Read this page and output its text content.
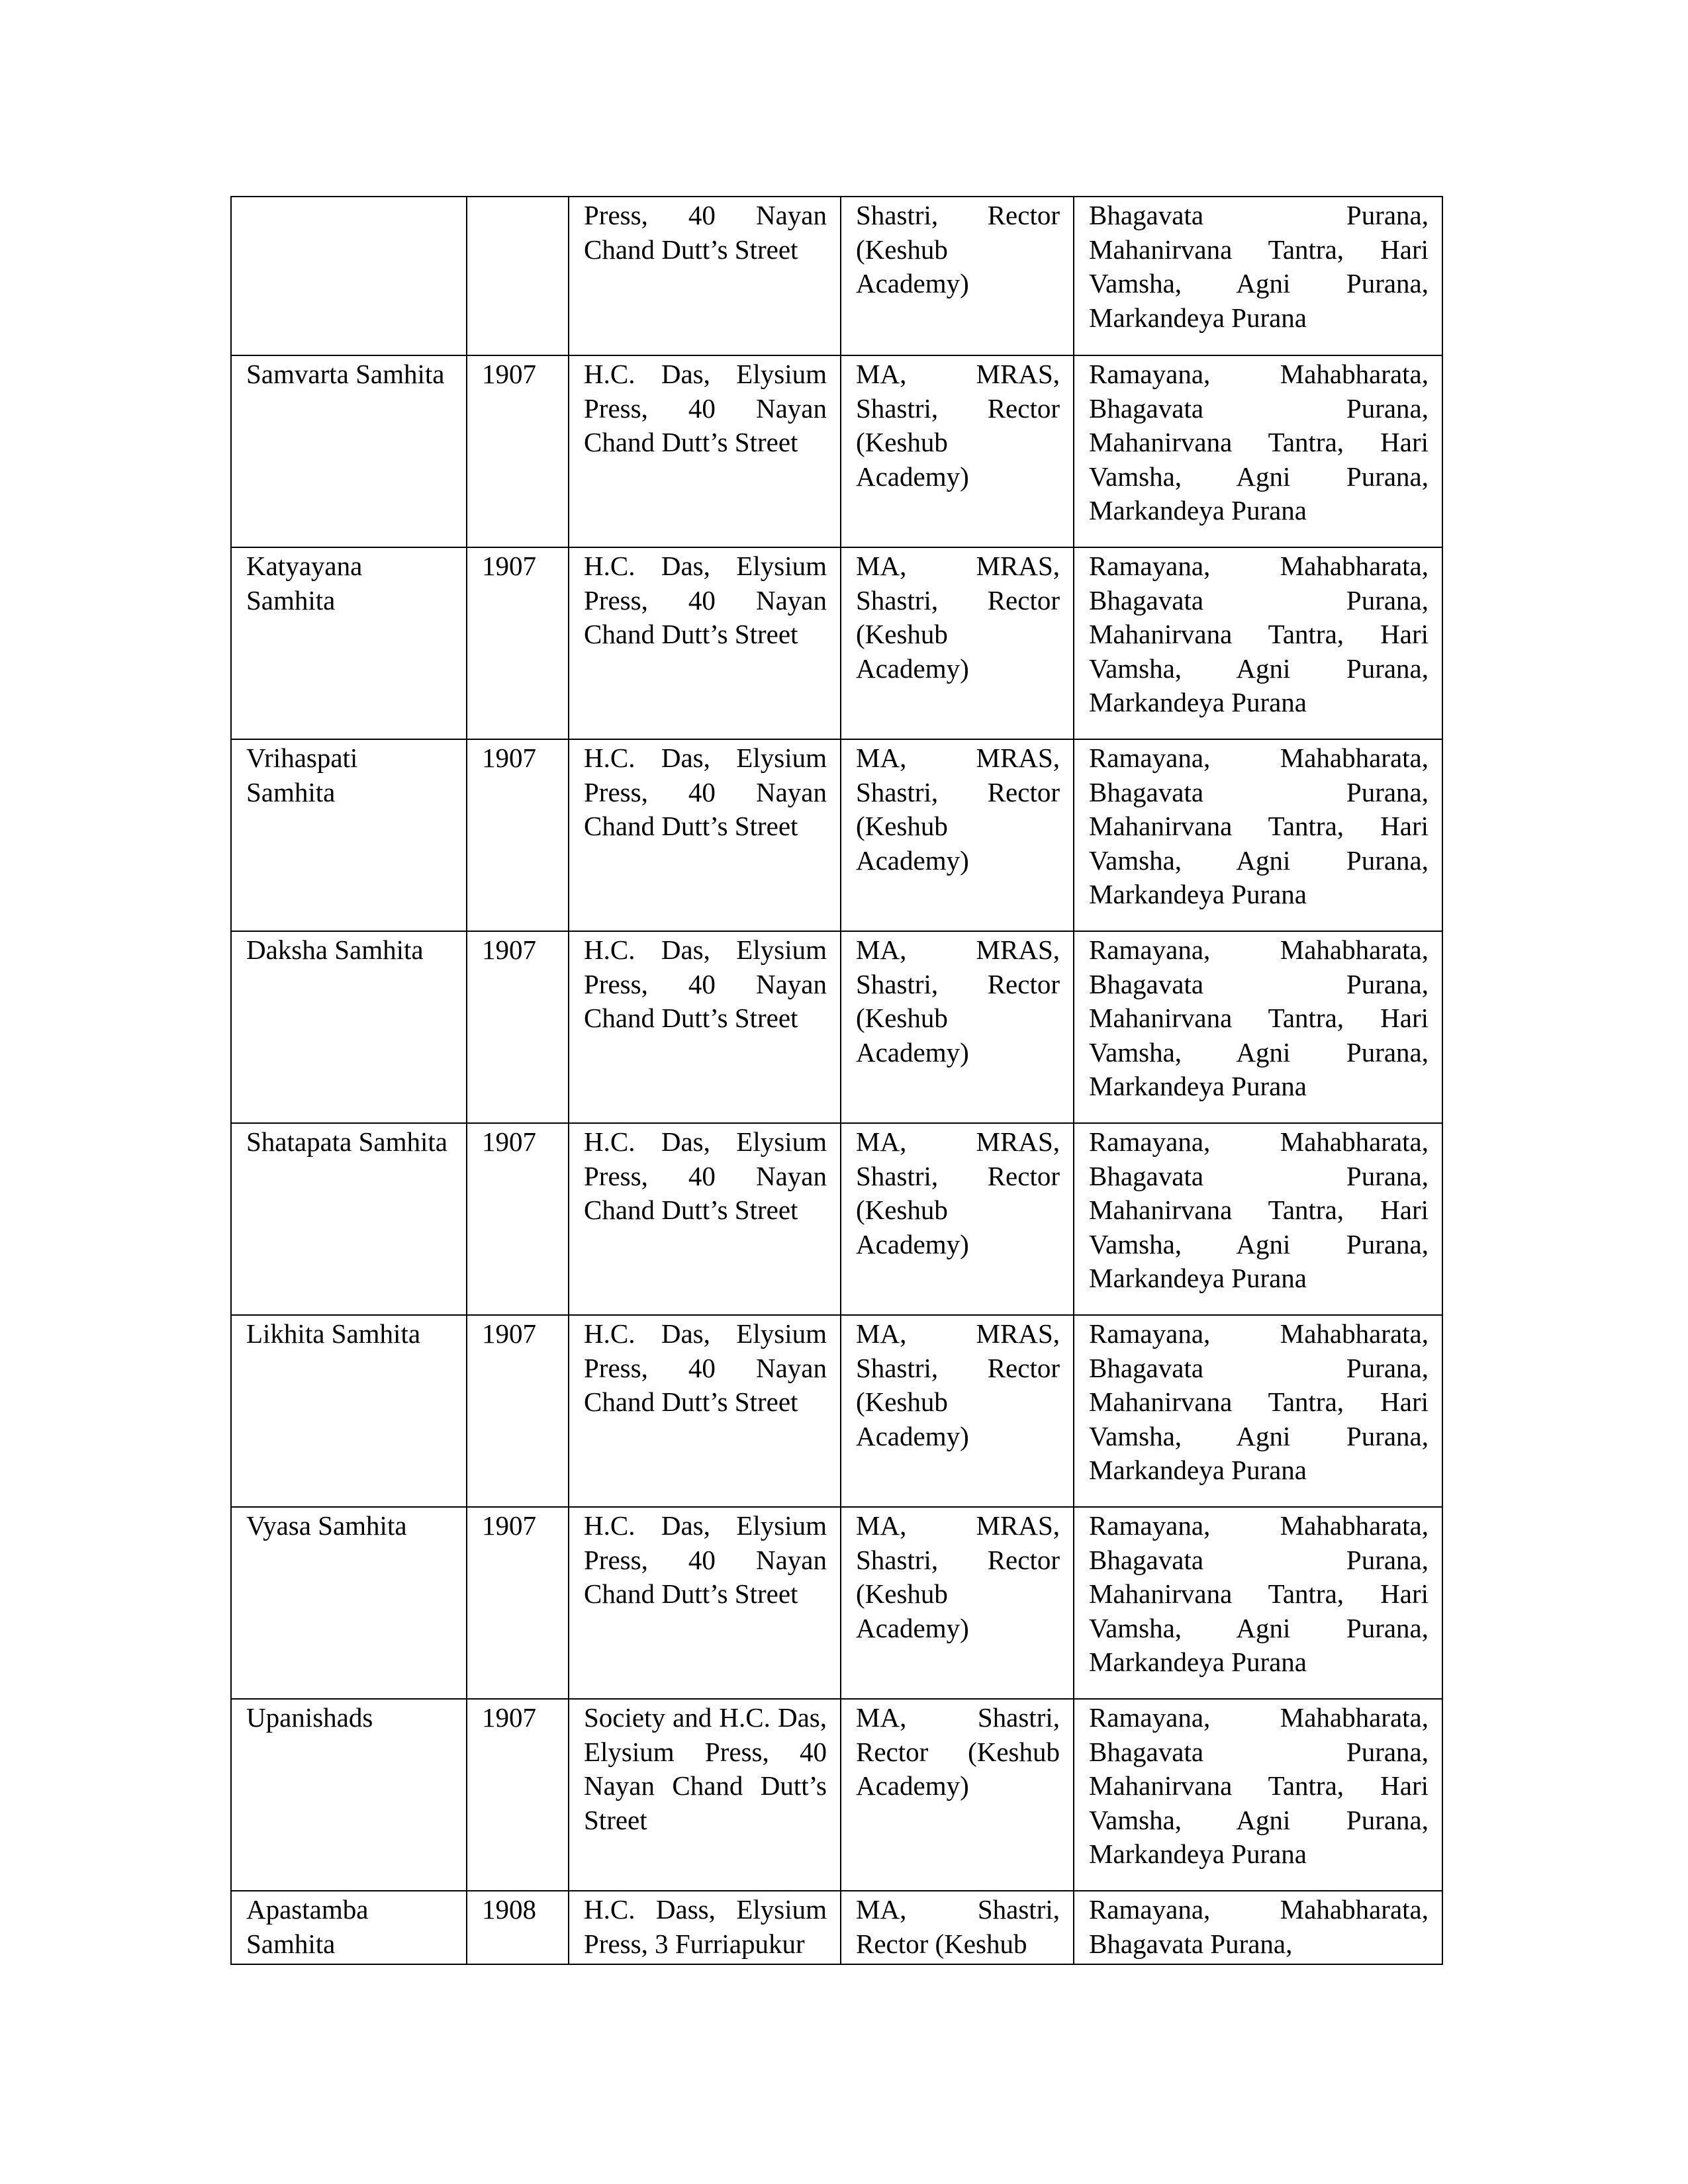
		Press, 40 Nayan Chand Dutt’s Street	Shastri, Rector (Keshub Academy)	Bhagavata Purana, Mahanirvana Tantra, Hari Vamsha, Agni Purana, Markandeya Purana
Samvarta Samhita	1907	H.C. Das, Elysium Press, 40 Nayan Chand Dutt’s Street	MA, MRAS, Shastri, Rector (Keshub Academy)	Ramayana, Mahabharata, Bhagavata Purana, Mahanirvana Tantra, Hari Vamsha, Agni Purana, Markandeya Purana
Katyayana Samhita	1907	H.C. Das, Elysium Press, 40 Nayan Chand Dutt’s Street	MA, MRAS, Shastri, Rector (Keshub Academy)	Ramayana, Mahabharata, Bhagavata Purana, Mahanirvana Tantra, Hari Vamsha, Agni Purana, Markandeya Purana
Vrihaspati Samhita	1907	H.C. Das, Elysium Press, 40 Nayan Chand Dutt’s Street	MA, MRAS, Shastri, Rector (Keshub Academy)	Ramayana, Mahabharata, Bhagavata Purana, Mahanirvana Tantra, Hari Vamsha, Agni Purana, Markandeya Purana
Daksha Samhita	1907	H.C. Das, Elysium Press, 40 Nayan Chand Dutt’s Street	MA, MRAS, Shastri, Rector (Keshub Academy)	Ramayana, Mahabharata, Bhagavata Purana, Mahanirvana Tantra, Hari Vamsha, Agni Purana, Markandeya Purana
Shatapata Samhita	1907	H.C. Das, Elysium Press, 40 Nayan Chand Dutt’s Street	MA, MRAS, Shastri, Rector (Keshub Academy)	Ramayana, Mahabharata, Bhagavata Purana, Mahanirvana Tantra, Hari Vamsha, Agni Purana, Markandeya Purana
Likhita Samhita	1907	H.C. Das, Elysium Press, 40 Nayan Chand Dutt’s Street	MA, MRAS, Shastri, Rector (Keshub Academy)	Ramayana, Mahabharata, Bhagavata Purana, Mahanirvana Tantra, Hari Vamsha, Agni Purana, Markandeya Purana
Vyasa Samhita	1907	H.C. Das, Elysium Press, 40 Nayan Chand Dutt’s Street	MA, MRAS, Shastri, Rector (Keshub Academy)	Ramayana, Mahabharata, Bhagavata Purana, Mahanirvana Tantra, Hari Vamsha, Agni Purana, Markandeya Purana
Upanishads	1907	Society and H.C. Das, Elysium Press, 40 Nayan Chand Dutt’s Street	MA, Shastri, Rector (Keshub Academy)	Ramayana, Mahabharata, Bhagavata Purana, Mahanirvana Tantra, Hari Vamsha, Agni Purana, Markandeya Purana
Apastamba Samhita	1908	H.C. Dass, Elysium Press, 3 Furriapukur	MA, Shastri, Rector (Keshub	Ramayana, Mahabharata, Bhagavata Purana,
